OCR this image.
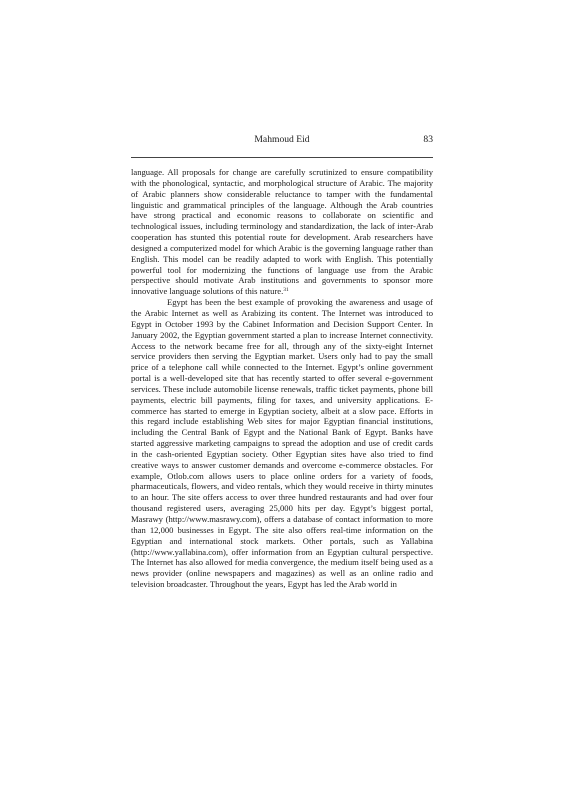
Mahmoud Eid	83

language. All proposals for change are carefully scrutinized to ensure compatibility with the phonological, syntactic, and morphological structure of Arabic. The majority of Arabic planners show considerable reluctance to tamper with the fundamental linguistic and grammatical principles of the language. Although the Arab countries have strong practical and economic reasons to collaborate on scientific and technological issues, including terminology and standardization, the lack of inter-Arab cooperation has stunted this potential route for development. Arab researchers have designed a computerized model for which Arabic is the governing language rather than English. This model can be readily adapted to work with English. This potentially powerful tool for modernizing the functions of language use from the Arabic perspective should motivate Arab institutions and governments to sponsor more innovative language solutions of this nature.$^{31}$

Egypt has been the best example of provoking the awareness and usage of the Arabic Internet as well as Arabizing its content. The Internet was introduced to Egypt in October 1993 by the Cabinet Information and Decision Support Center. In January 2002, the Egyptian government started a plan to increase Internet connectivity. Access to the network became free for all, through any of the sixty-eight Internet service providers then serving the Egyptian market. Users only had to pay the small price of a telephone call while connected to the Internet. Egypt’s online government portal is a well-developed site that has recently started to offer several e-government services. These include automobile license renewals, traffic ticket payments, phone bill payments, electric bill payments, filing for taxes, and university applications. E-commerce has started to emerge in Egyptian society, albeit at a slow pace. Efforts in this regard include establishing Web sites for major Egyptian financial institutions, including the Central Bank of Egypt and the National Bank of Egypt. Banks have started aggressive marketing campaigns to spread the adoption and use of credit cards in the cash-oriented Egyptian society. Other Egyptian sites have also tried to find creative ways to answer customer demands and overcome e-commerce obstacles. For example, Otlob.com allows users to place online orders for a variety of foods, pharmaceuticals, flowers, and video rentals, which they would receive in thirty minutes to an hour. The site offers access to over three hundred restaurants and had over four thousand registered users, averaging 25,000 hits per day. Egypt’s biggest portal, Masrawy (http://www.masrawy.com), offers a database of contact information to more than 12,000 businesses in Egypt. The site also offers real-time information on the Egyptian and international stock markets. Other portals, such as Yallabina (http://www.yallabina.com), offer information from an Egyptian cultural perspective. The Internet has also allowed for media convergence, the medium itself being used as a news provider (online newspapers and magazines) as well as an online radio and television broadcaster. Throughout the years, Egypt has led the Arab world in
